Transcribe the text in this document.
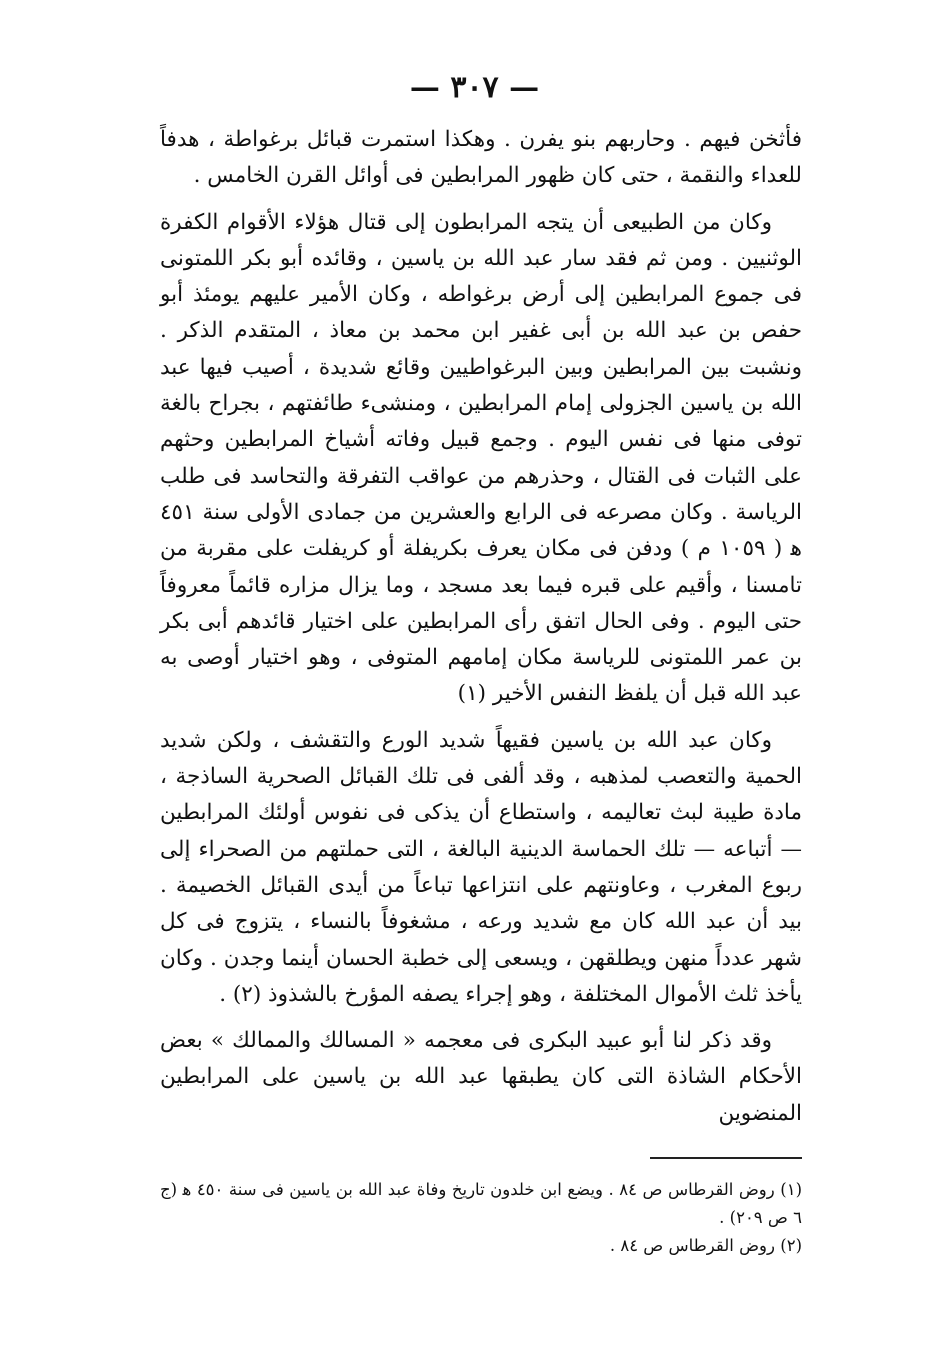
— ٣٠٧ —

فأثخن فيهم . وحاربهم بنو يفرن . وهكذا استمرت قبائل برغواطة ، هدفاً للعداء والنقمة ، حتى كان ظهور المرابطين فى أوائل القرن الخامس .

وكان من الطبيعى أن يتجه المرابطون إلى قتال هؤلاء الأقوام الكفرة الوثنيين . ومن ثم فقد سار عبد الله بن ياسين ، وقائده أبو بكر اللمتونى فى جموع المرابطين إلى أرض برغواطه ، وكان الأمير عليهم يومئذ أبو حفص بن عبد الله بن أبى غفير ابن محمد بن معاذ ، المتقدم الذكر . ونشبت بين المرابطين وبين البرغواطيين وقائع شديدة ، أصيب فيها عبد الله بن ياسين الجزولى إمام المرابطين ، ومنشىء طائفتهم ، بجراح بالغة توفى منها فى نفس اليوم . وجمع قبيل وفاته أشياخ المرابطين وحثهم على الثبات فى القتال ، وحذرهم من عواقب التفرقة والتحاسد فى طلب الرياسة . وكان مصرعه فى الرابع والعشرين من جمادى الأولى سنة ٤٥١ ﻫ ( ١٠٥٩ م ) ودفن فى مكان يعرف بكريفلة أو كريفلت على مقربة من تامسنا ، وأقيم على قبره فيما بعد مسجد ، وما يزال مزاره قائماً معروفاً حتى اليوم . وفى الحال اتفق رأى المرابطين على اختيار قائدهم أبى بكر بن عمر اللمتونى للرياسة مكان إمامهم المتوفى ، وهو اختيار أوصى به عبد الله قبل أن يلفظ النفس الأخير (١)

وكان عبد الله بن ياسين فقيهاً شديد الورع والتقشف ، ولكن شديد الحمية والتعصب لمذهبه ، وقد ألفى فى تلك القبائل الصحرية الساذجة ، مادة طيبة لبث تعاليمه ، واستطاع أن يذكى فى نفوس أولئك المرابطين — أتباعه — تلك الحماسة الدينية البالغة ، التى حملتهم من الصحراء إلى ربوع المغرب ، وعاونتهم على انتزاعها تباعاً من أيدى القبائل الخصيمة . بيد أن عبد الله كان مع شديد ورعه ، مشغوفاً بالنساء ، يتزوج فى كل شهر عدداً منهن ويطلقهن ، ويسعى إلى خطبة الحسان أينما وجدن . وكان يأخذ ثلث الأموال المختلفة ، وهو إجراء يصفه المؤرخ بالشذوذ (٢) .

وقد ذكر لنا أبو عبيد البكرى فى معجمه « المسالك والممالك » بعض الأحكام الشاذة التى كان يطبقها عبد الله بن ياسين على المرابطين المنضوين

(١) روض القرطاس ص ٨٤ . ويضع ابن خلدون تاريخ وفاة عبد الله بن ياسين فى سنة ٤٥٠ ﻫ (ج ٦ ص ٢٠٩) .

(٢) روض القرطاس ص ٨٤ .
